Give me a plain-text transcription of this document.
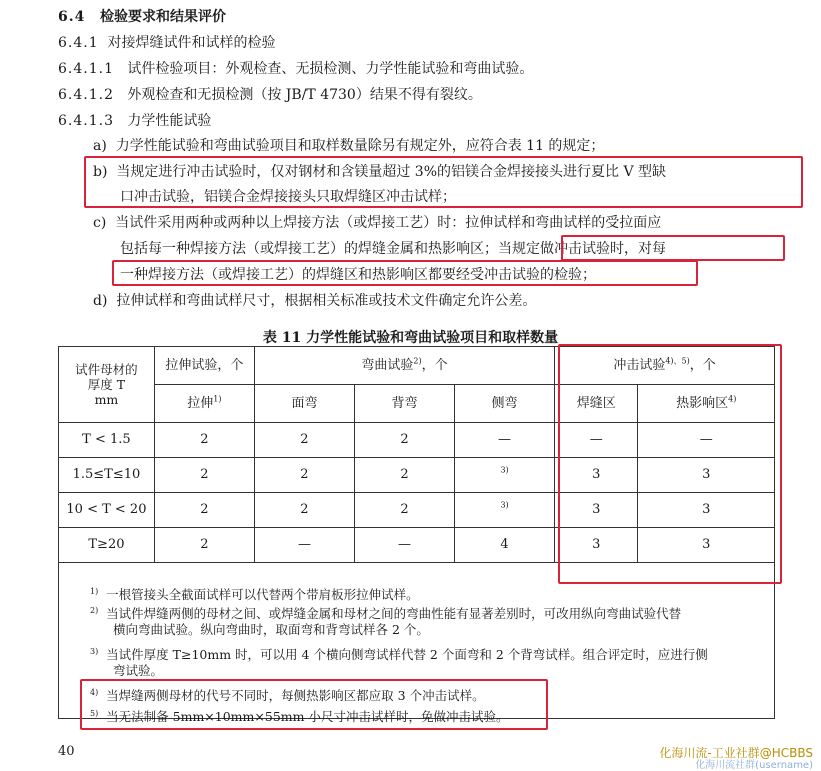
6.4 检验要求和结果评价
6.4.1 对接焊缝试件和试样的检验
6.4.1.1 试件检验项目：外观检查、无损检测、力学性能试验和弯曲试验。
6.4.1.2 外观检查和无损检测（按 JB/T 4730）结果不得有裂纹。
6.4.1.3 力学性能试验
a) 力学性能试验和弯曲试验项目和取样数量除另有规定外，应符合表 11 的规定；
b) 当规定进行冲击试验时，仅对钢材和含镁量超过 3%的铝镁合金焊接接头进行夏比 V 型缺
口冲击试验，铝镁合金焊接接头只取焊缝区冲击试样；
c) 当试件采用两种或两种以上焊接方法（或焊接工艺）时：拉伸试样和弯曲试样的受拉面应
包括每一种焊接方法（或焊接工艺）的焊缝金属和热影响区；当规定做冲击试验时，对每
一种焊接方法（或焊接工艺）的焊缝区和热影响区都要经受冲击试验的检验；
d) 拉伸试样和弯曲试样尺寸，根据相关标准或技术文件确定允许公差。
表 11 力学性能试验和弯曲试验项目和取样数量
试件母材的
厚度 T
mm	拉伸试验，个	弯曲试验$^{2)}$，个			冲击试验$^{4)、5)}$，个	
	拉伸$^{1)}$	面弯	背弯	侧弯	焊缝区	热影响区$^{4)}$
T < 1.5	2	2	2	—	—	—
1.5≤T≤10	2	2	2	$^{3)}$	3	3
10 < T < 20	2	2	2	$^{3)}$	3	3
T≥20	2	—	—	4	3	3

$^{1)}$ 一根管接头全截面试样可以代替两个带肩板形拉伸试样。
$^{2)}$ 当试件焊缝两侧的母材之间、或焊缝金属和母材之间的弯曲性能有显著差别时，可改用纵向弯曲试验代替
横向弯曲试验。纵向弯曲时，取面弯和背弯试样各 2 个。
$^{3)}$ 当试件厚度 T≥10mm 时，可以用 4 个横向侧弯试样代替 2 个面弯和 2 个背弯试样。组合评定时，应进行侧
弯试验。
$^{4)}$ 当焊缝两侧母材的代号不同时，每侧热影响区都应取 3 个冲击试样。
$^{5)}$ 当无法制备 5mm×10mm×55mm 小尺寸冲击试样时，免做冲击试验。
40	化海川流-工业社群@HCBBS
化海川流社群(username)
